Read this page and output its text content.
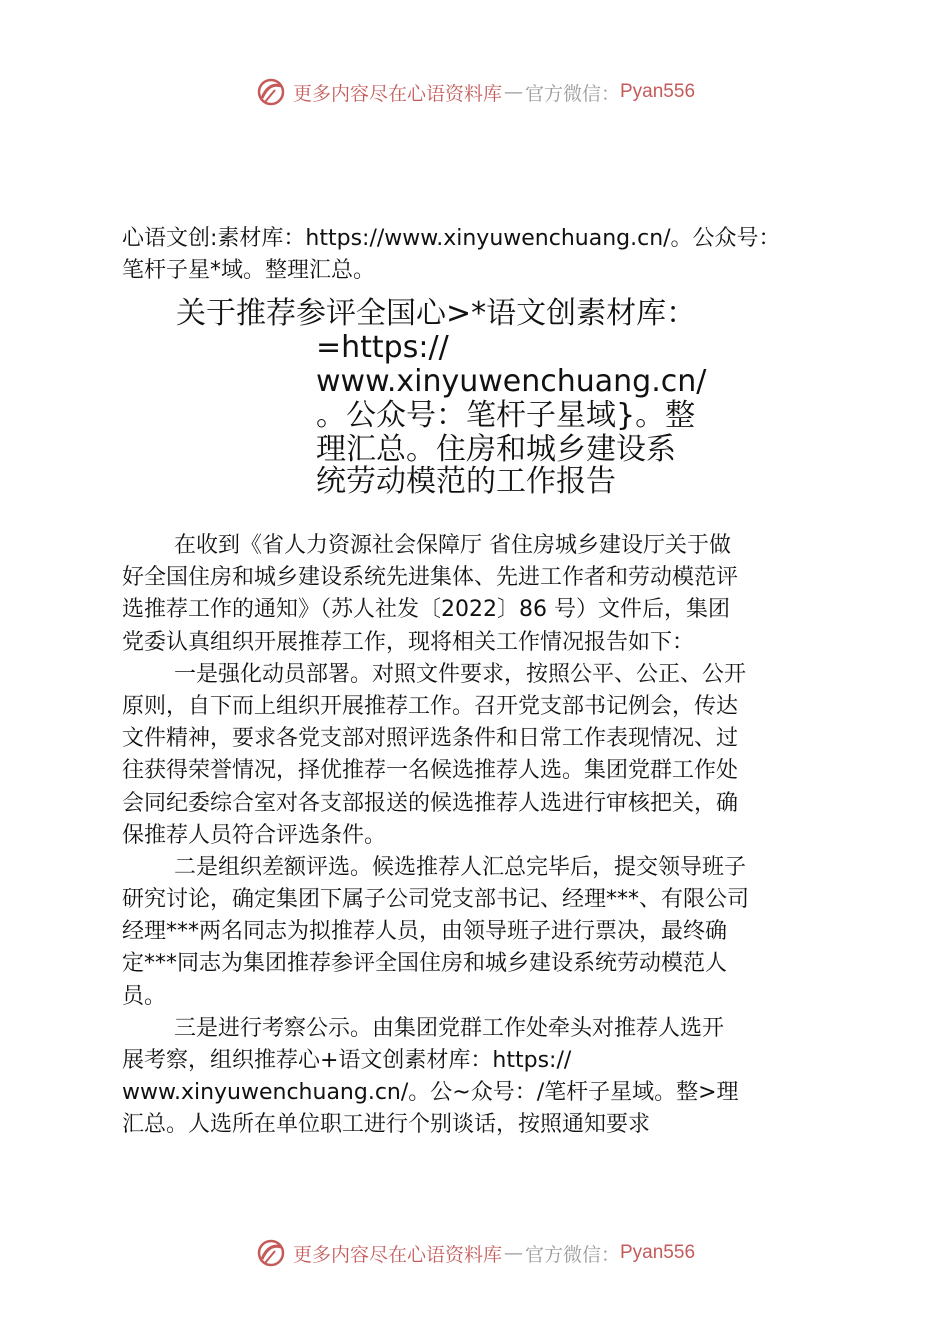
更多内容尽在心语资料库 — 官方微信： Pyan556
心语文创:素材库：https://www.xinyuwenchuang.cn/。公众号：
笔杆子星*域。整理汇总。
关于推荐参评全国心>*语文创素材库：
=https://
www.xinyuwenchuang.cn/
。公众号：笔杆子星域}。整
理汇总。住房和城乡建设系
统劳动模范的工作报告
在收到《省人力资源社会保障厅 省住房城乡建设厅关于做
好全国住房和城乡建设系统先进集体、先进工作者和劳动模范评
选推荐工作的通知》（苏人社发〔2022〕86 号）文件后，集团
党委认真组织开展推荐工作，现将相关工作情况报告如下：
一是强化动员部署。对照文件要求，按照公平、公正、公开
原则，自下而上组织开展推荐工作。召开党支部书记例会，传达
文件精神，要求各党支部对照评选条件和日常工作表现情况、过
往获得荣誉情况，择优推荐一名候选推荐人选。集团党群工作处
会同纪委综合室对各支部报送的候选推荐人选进行审核把关，确
保推荐人员符合评选条件。
二是组织差额评选。候选推荐人汇总完毕后，提交领导班子
研究讨论，确定集团下属子公司党支部书记、经理***、有限公司
经理***两名同志为拟推荐人员，由领导班子进行票决，最终确
定***同志为集团推荐参评全国住房和城乡建设系统劳动模范人
员。
三是进行考察公示。由集团党群工作处牵头对推荐人选开
展考察，组织推荐心+语文创素材库：https://
www.xinyuwenchuang.cn/。公~众号：/笔杆子星域。整>理
汇总。人选所在单位职工进行个别谈话，按照通知要求
更多内容尽在心语资料库 — 官方微信： Pyan556
